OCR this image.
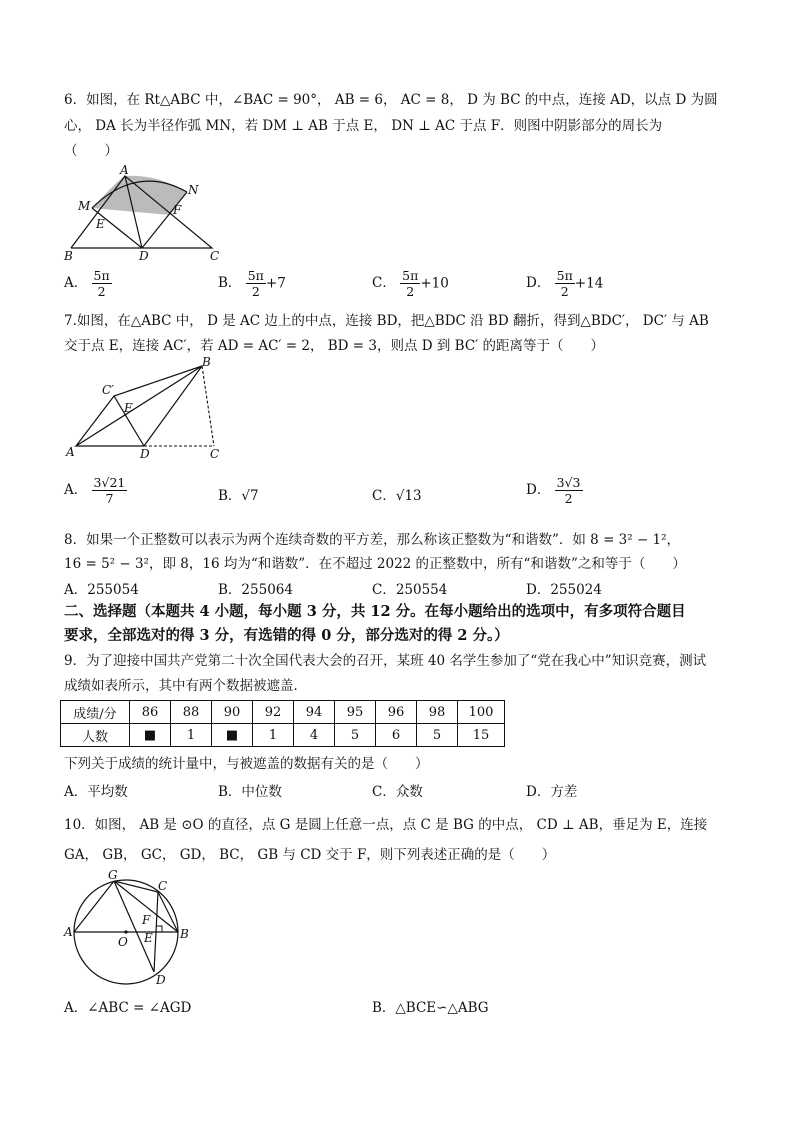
6．如图，在 Rt△ABC 中，∠BAC = 90°， AB = 6， AC = 8， D 为 BC 的中点，连接 AD，以点 D 为圆
心， DA 长为半径作弧 MN，若 DM ⊥ AB 于点 E， DN ⊥ AC 于点 F．则图中阴影部分的周长为
（　　）
A
M
N
E
F
B	D	C
A． $\frac{5\pi}{2}$	B． $\frac{5\pi}{2} +7$	C． $\frac{5\pi}{2} +10$	D． $\frac{5\pi}{2} +14$
7.如图，在△ABC 中， D 是 AC 边上的中点，连接 BD，把△BDC 沿 BD 翻折，得到△BDC′， DC′ 与 AB
交于点 E，连接 AC′，若 AD = AC′ = 2， BD = 3，则点 D 到 BC′ 的距离等于（　　）
B
C′
E
A	D	C
A． $\frac{3√21}{7}$	B．√7	C．√13	D． $\frac{3√3}{2}$
8．如果一个正整数可以表示为两个连续奇数的平方差，那么称该正整数为“和谐数”．如 8 = 3² − 1²，
16 = 5² − 3²，即 8，16 均为“和谐数”．在不超过 2022 的正整数中，所有“和谐数”之和等于（　　）
A．255054	B．255064	C．250554	D．255024
二、选择题（本题共 4 小题，每小题 3 分，共 12 分。在每小题给出的选项中，有多项符合题目
要求，全部选对的得 3 分，有选错的得 0 分，部分选对的得 2 分。）
9．为了迎接中国共产党第二十次全国代表大会的召开，某班 40 名学生参加了“党在我心中”知识竞赛，测试
成绩如表所示，其中有两个数据被遮盖．
成绩/分	86	88	90	92	94	95	96	98	100
人数	■	1	■	1	4	5	6	5	15
下列关于成绩的统计量中，与被遮盖的数据有关的是（　　）
A．平均数	B．中位数	C．众数	D．方差
10．如图， AB 是 ⊙O 的直径，点 G 是圆上任意一点，点 C 是 BG 的中点， CD ⊥ AB，垂足为 E，连接
GA， GB， GC， GD， BC， GB 与 CD 交于 F，则下列表述正确的是（　　）
G
C
F
A
O E B
D
A．∠ABC = ∠AGD	B．△BCE∽△ABG
